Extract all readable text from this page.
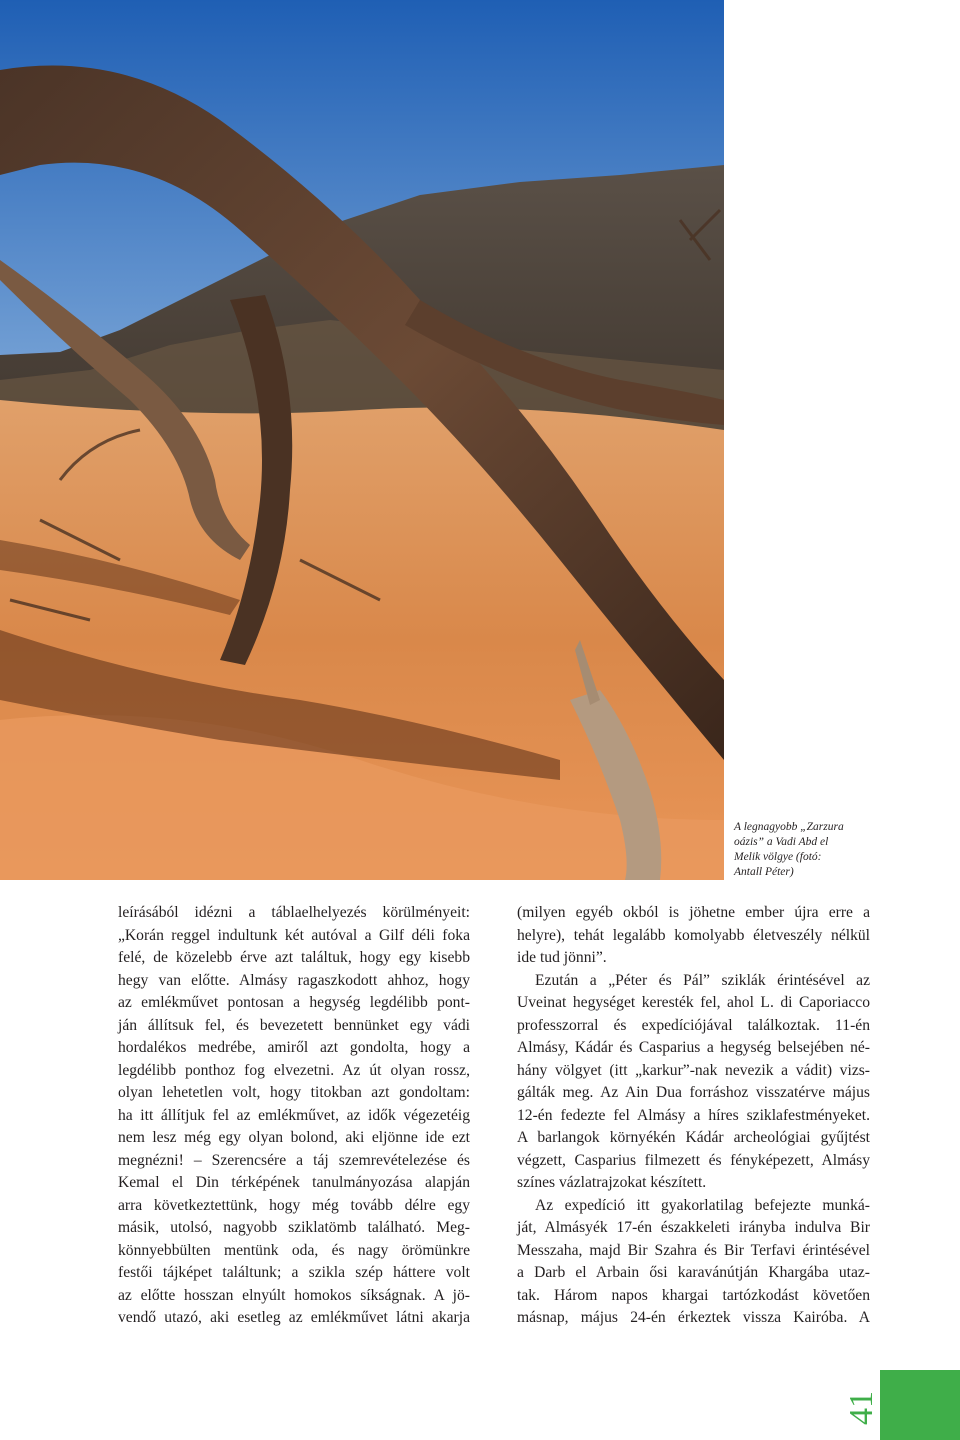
A legnagyobb „Zarzura
oázis” a Vadi Abd el
Melik völgye (fotó:
Antall Péter)
leírásából idézni a táblaelhelyezés körülményeit:
„Korán reggel indultunk két autóval a Gilf déli foka
felé, de közelebb érve azt találtuk, hogy egy kisebb
hegy van előtte. Almásy ragaszkodott ahhoz, hogy
az emlékművet pontosan a hegység legdélibb pont-
ján állítsuk fel, és bevezetett bennünket egy vádi
hordalékos medrébe, amiről azt gondolta, hogy a
legdélibb ponthoz fog elvezetni. Az út olyan rossz,
olyan lehetetlen volt, hogy titokban azt gondoltam:
ha itt állítjuk fel az emlékművet, az idők végezetéig
nem lesz még egy olyan bolond, aki eljönne ide ezt
megnézni! – Szerencsére a táj szemrevételezése és
Kemal el Din térképének tanulmányozása alapján
arra következtettünk, hogy még tovább délre egy
másik, utolsó, nagyobb sziklatömb található. Meg-
könnyebbülten mentünk oda, és nagy örömünkre
festői tájképet találtunk; a szikla szép háttere volt
az előtte hosszan elnyúlt homokos síkságnak. A jö-
vendő utazó, aki esetleg az emlékművet látni akarja
(milyen egyéb okból is jöhetne ember újra erre a
helyre), tehát legalább komolyabb életveszély nélkül
ide tud jönni”.
Ezután a „Péter és Pál” sziklák érintésével az
Uveinat hegységet keresték fel, ahol L. di Caporiacco
professzorral és expedíciójával találkoztak. 11-én
Almásy, Kádár és Casparius a hegység belsejében né-
hány völgyet (itt „karkur”-nak nevezik a vádit) vizs-
gálták meg. Az Ain Dua forráshoz visszatérve május
12-én fedezte fel Almásy a híres sziklafestményeket.
A barlangok környékén Kádár archeológiai gyűjtést
végzett, Casparius filmezett és fényképezett, Almásy
színes vázlatrajzokat készített.
Az expedíció itt gyakorlatilag befejezte munká-
ját, Almásyék 17-én északkeleti irányba indulva Bir
Messzaha, majd Bir Szahra és Bir Terfavi érintésével
a Darb el Arbain ősi karavánútján Khargába utaz-
tak. Három napos khargai tartózkodást követően
másnap, május 24-én érkeztek vissza Kairóba. A
41
